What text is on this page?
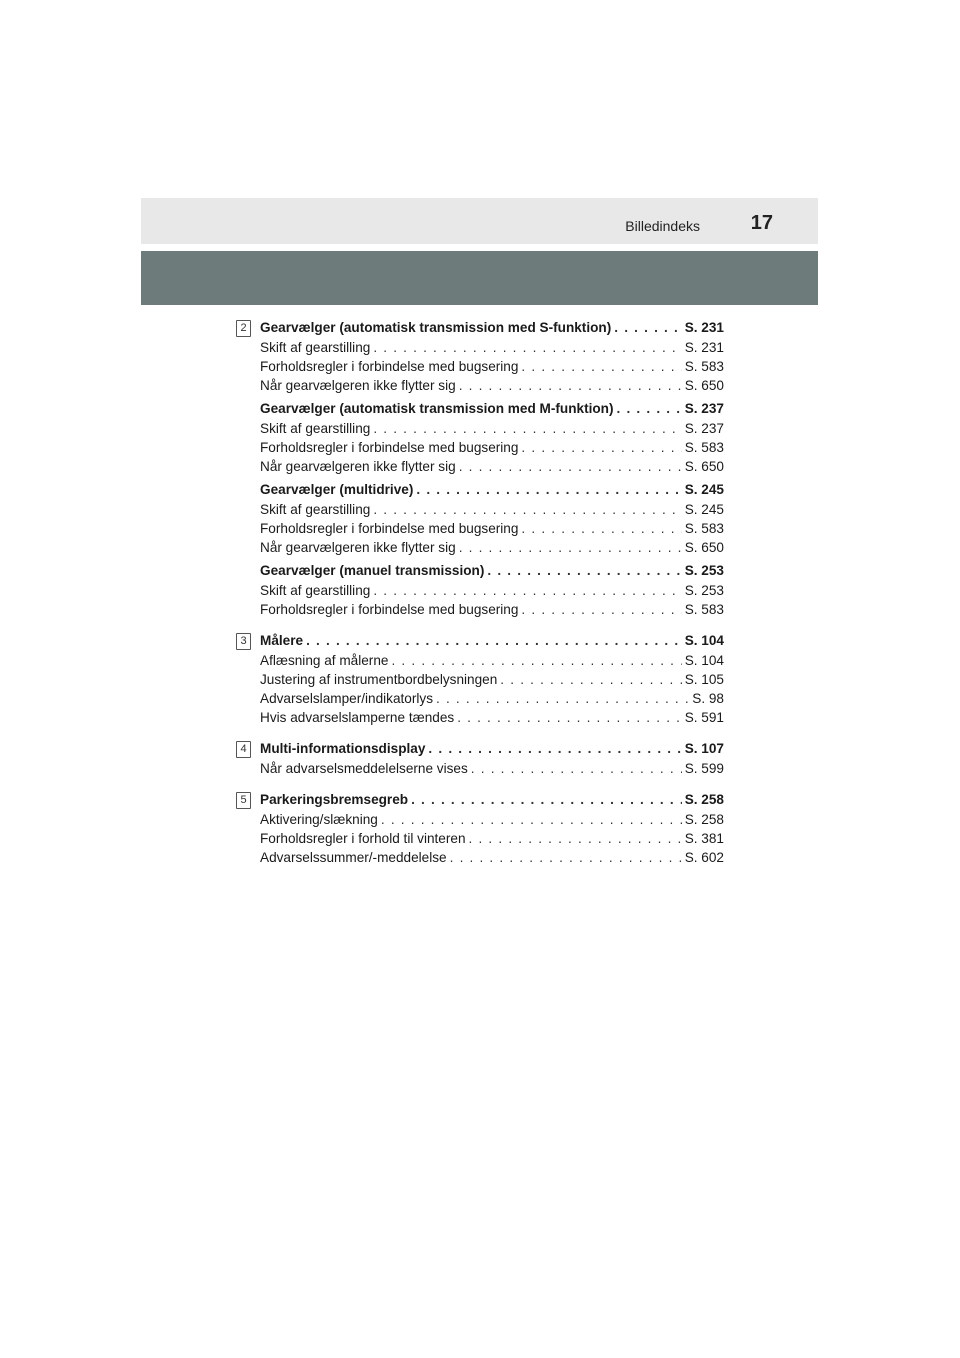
Billedindeks	17
2 Gearvælger (automatisk transmission med S-funktion) . . .	S. 231
Skift af gearstilling . . .	S. 231
Forholdsregler i forbindelse med bugsering . . .	S. 583
Når gearvælgeren ikke flytter sig . . .	S. 650
Gearvælger (automatisk transmission med M-funktion) . . .	S. 237
Skift af gearstilling . . .	S. 237
Forholdsregler i forbindelse med bugsering . . .	S. 583
Når gearvælgeren ikke flytter sig . . .	S. 650
Gearvælger (multidrive) . . .	S. 245
Skift af gearstilling . . .	S. 245
Forholdsregler i forbindelse med bugsering . . .	S. 583
Når gearvælgeren ikke flytter sig . . .	S. 650
Gearvælger (manuel transmission) . . .	S. 253
Skift af gearstilling . . .	S. 253
Forholdsregler i forbindelse med bugsering . . .	S. 583
3 Målere . . .	S. 104
Aflæsning af målerne . . .	S. 104
Justering af instrumentbordbelysningen . . .	S. 105
Advarselslamper/indikatorlys . . .	S. 98
Hvis advarselslamperne tændes . . .	S. 591
4 Multi-informationsdisplay . . .	S. 107
Når advarselsmeddelelserne vises . . .	S. 599
5 Parkeringsbremsegreb . . .	S. 258
Aktivering/slækning . . .	S. 258
Forholdsregler i forhold til vinteren . . .	S. 381
Advarselssummer/-meddelelse . . .	S. 602
